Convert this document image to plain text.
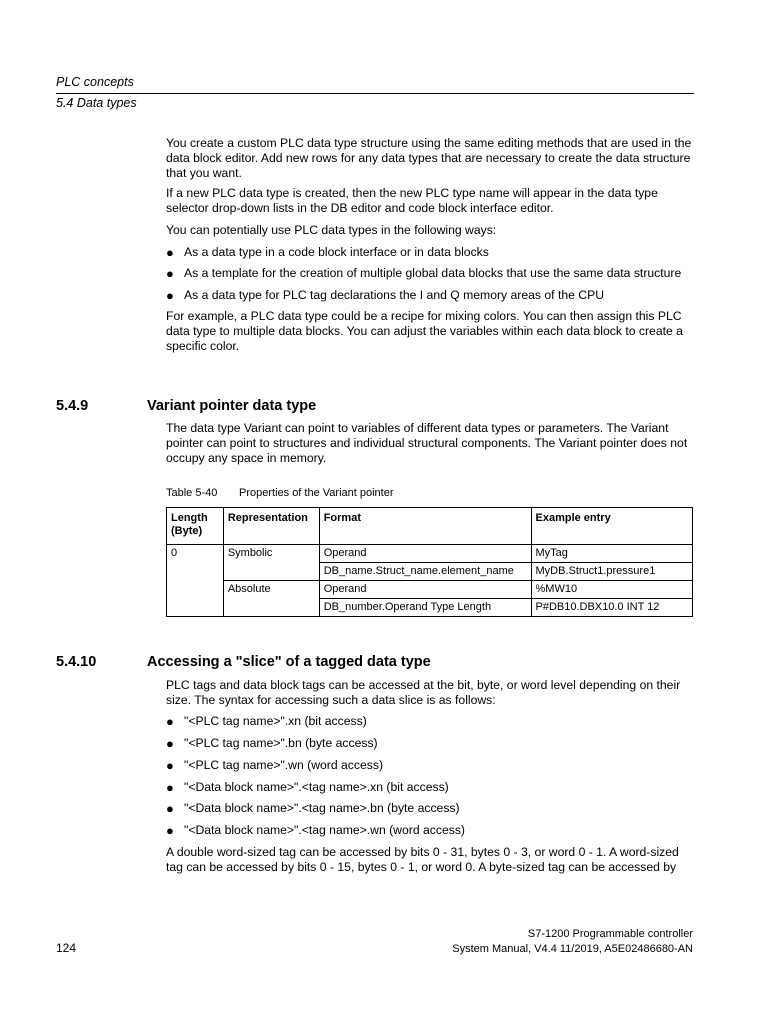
PLC concepts
5.4 Data types

You create a custom PLC data type structure using the same editing methods that are used in the data block editor. Add new rows for any data types that are necessary to create the data structure that you want.

If a new PLC data type is created, then the new PLC type name will appear in the data type selector drop-down lists in the DB editor and code block interface editor.

You can potentially use PLC data types in the following ways:

● As a data type in a code block interface or in data blocks
● As a template for the creation of multiple global data blocks that use the same data structure
● As a data type for PLC tag declarations the I and Q memory areas of the CPU

For example, a PLC data type could be a recipe for mixing colors. You can then assign this PLC data type to multiple data blocks. You can adjust the variables within each data block to create a specific color.

5.4.9	Variant pointer data type

The data type Variant can point to variables of different data types or parameters. The Variant pointer can point to structures and individual structural components. The Variant pointer does not occupy any space in memory.

Table 5-40 Properties of the Variant pointer
Length (Byte)	Representation	Format	Example entry
0	Symbolic	Operand	MyTag
		DB_name.Struct_name.element_name	MyDB.Struct1.pressure1
	Absolute	Operand	%MW10
		DB_number.Operand Type Length	P#DB10.DBX10.0 INT 12
5.4.10	Accessing a "slice" of a tagged data type

PLC tags and data block tags can be accessed at the bit, byte, or word level depending on their size. The syntax for accessing such a data slice is as follows:

● "<PLC tag name>".xn (bit access)
● "<PLC tag name>".bn (byte access)
● "<PLC tag name>".wn (word access)
● "<Data block name>".<tag name>.xn (bit access)
● "<Data block name>".<tag name>.bn (byte access)
● "<Data block name>".<tag name>.wn (word access)

A double word-sized tag can be accessed by bits 0 - 31, bytes 0 - 3, or word 0 - 1. A word-sized tag can be accessed by bits 0 - 15, bytes 0 - 1, or word 0. A byte-sized tag can be accessed by

124
S7-1200 Programmable controller
System Manual, V4.4 11/2019, A5E02486680-AN
